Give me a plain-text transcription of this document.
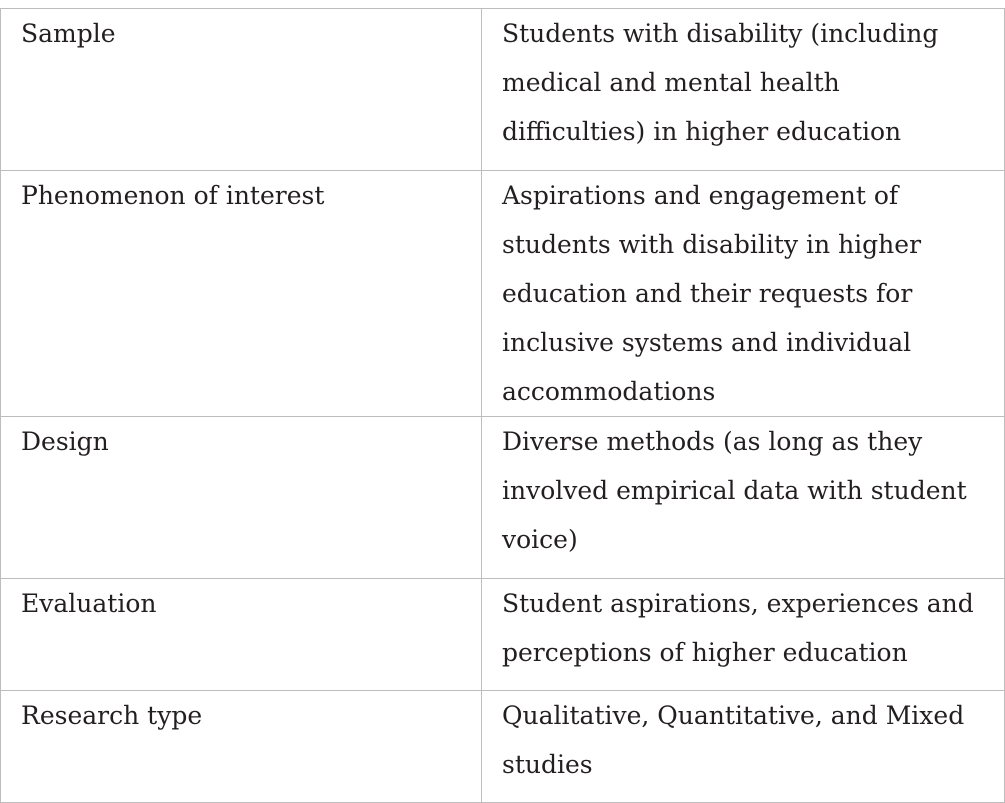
Sample	Students with disability (including medical and mental health difficulties) in higher education

Phenomenon of interest	Aspirations and engagement of students with disability in higher education and their requests for inclusive systems and individual accommodations

Design	Diverse methods (as long as they involved empirical data with student voice)

Evaluation	Student aspirations, experiences and perceptions of higher education

Research type	Qualitative, Quantitative, and Mixed studies
